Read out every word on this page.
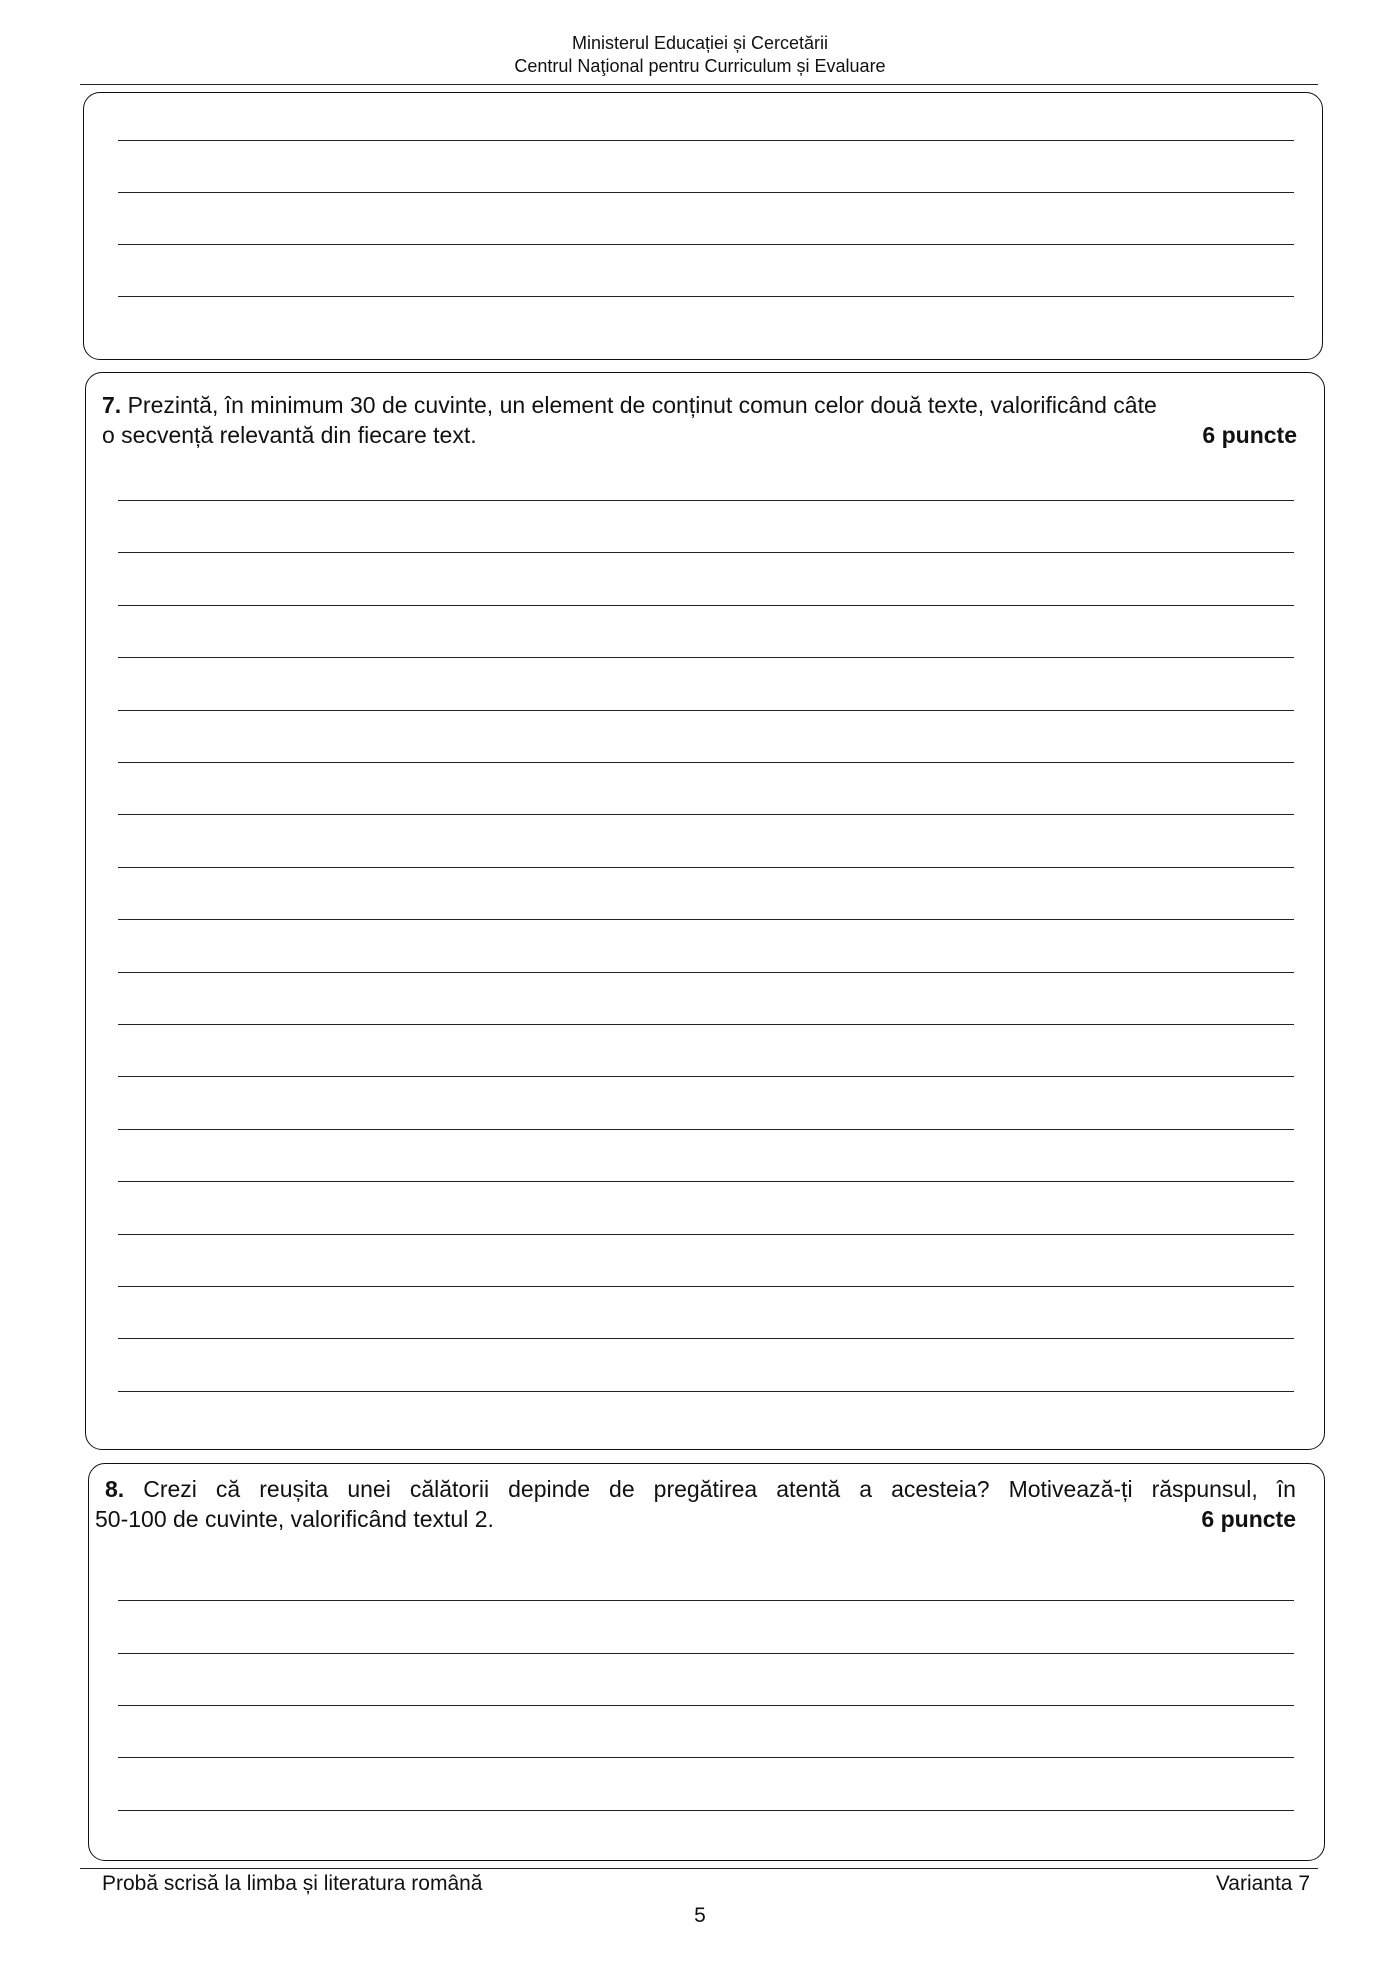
Ministerul Educației și Cercetării
Centrul Naţional pentru Curriculum și Evaluare
7. Prezintă, în minimum 30 de cuvinte, un element de conținut comun celor două texte, valorificând câte
o secvență relevantă din fiecare text.	6 puncte
8. Crezi că reușita unei călătorii depinde de pregătirea atentă a acesteia? Motivează-ți răspunsul, în
50-100 de cuvinte, valorificând textul 2.	6 puncte
Probă scrisă la limba și literatura română	Varianta 7
5
